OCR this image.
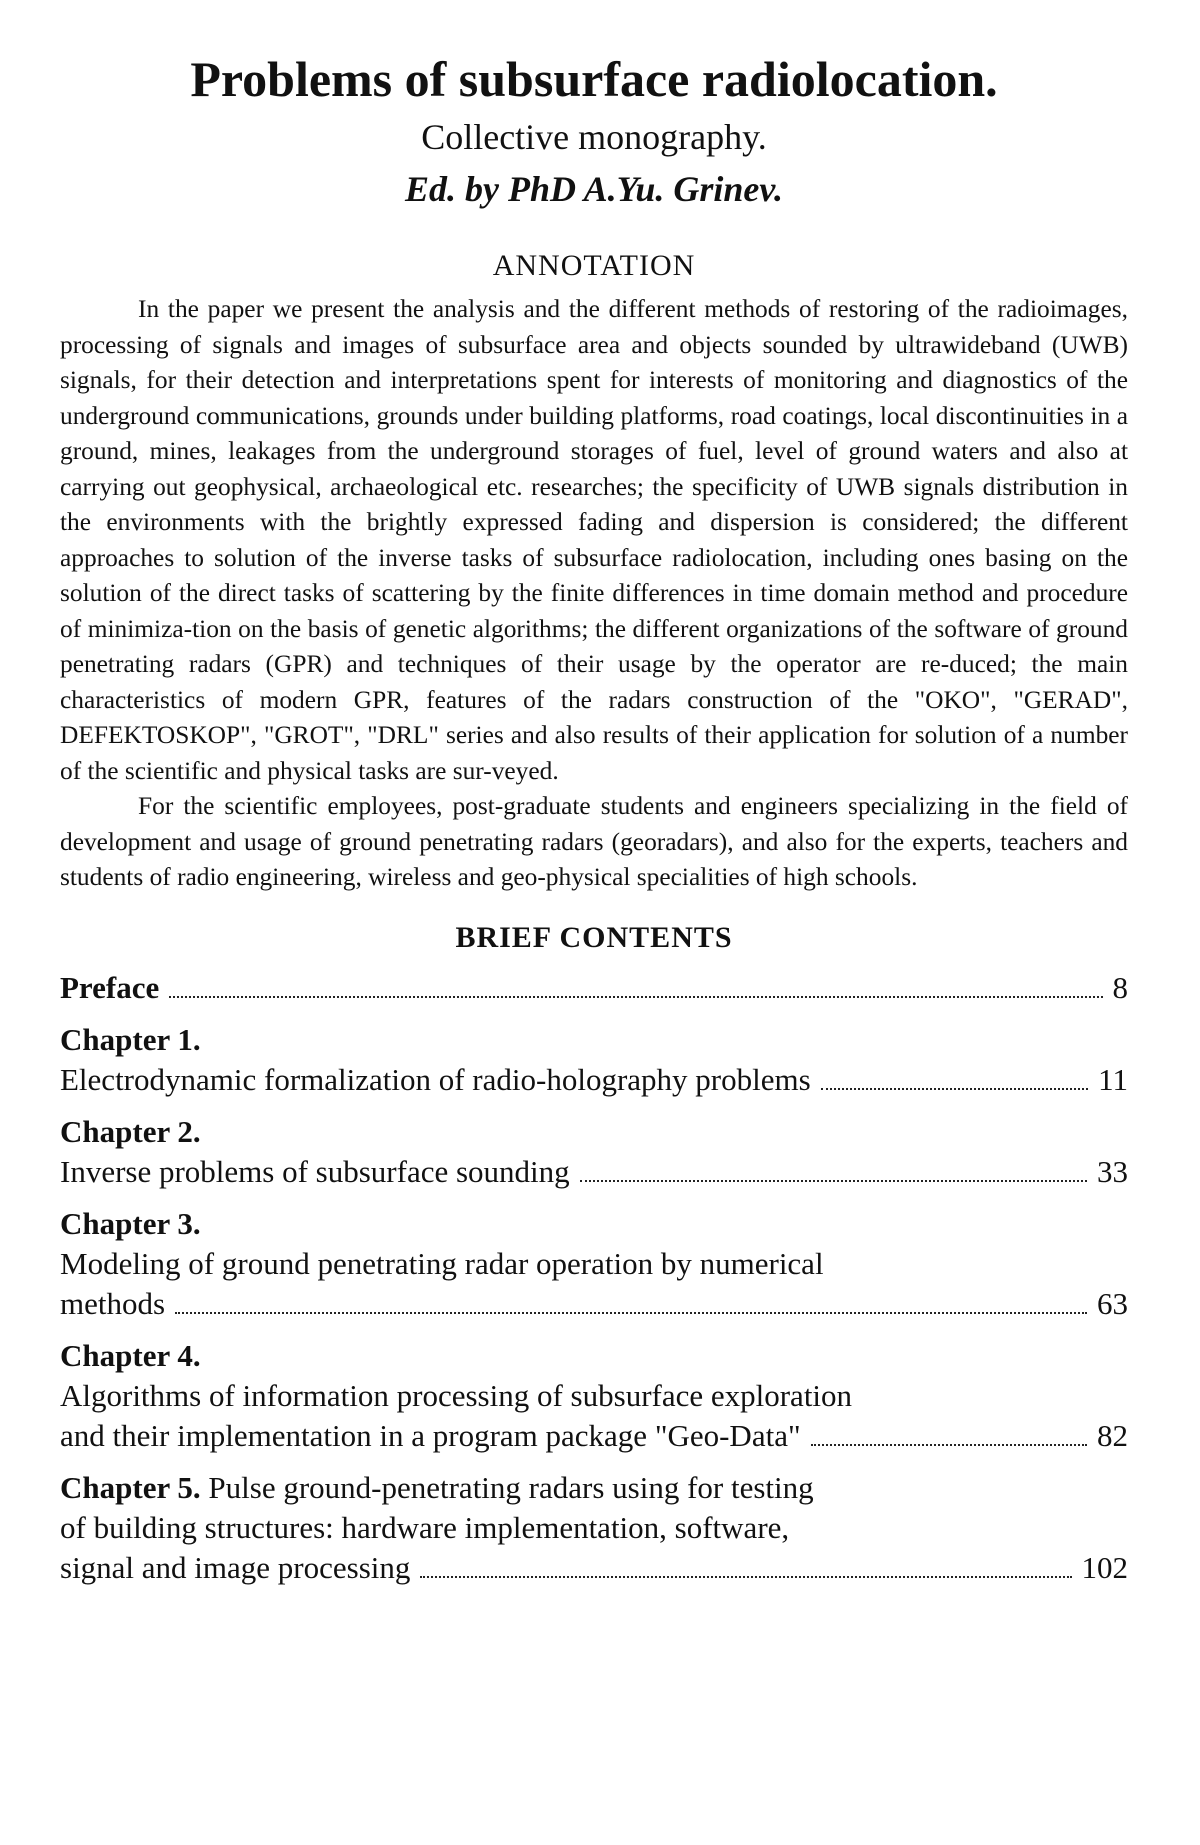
Problems of subsurface radiolocation.
Collective monography.
Ed. by PhD A.Yu. Grinev.
ANNOTATION

In the paper we present the analysis and the different methods of restoring of the radioimages, processing of signals and images of subsurface area and objects sounded by ultrawideband (UWB) signals, for their detection and interpretations spent for interests of monitoring and diagnostics of the underground communications, grounds under building platforms, road coatings, local discontinuities in a ground, mines, leakages from the underground storages of fuel, level of ground waters and also at carrying out geophysical, archaeological etc. researches; the specificity of UWB signals distribution in the environments with the brightly expressed fading and dispersion is considered; the different approaches to solution of the inverse tasks of subsurface radiolocation, including ones basing on the solution of the direct tasks of scattering by the finite differences in time domain method and procedure of minimiza-tion on the basis of genetic algorithms; the different organizations of the software of ground penetrating radars (GPR) and techniques of their usage by the operator are re-duced; the main characteristics of modern GPR, features of the radars construction of the "OKO", "GERAD", DEFEKTOSKOP", "GROT", "DRL" series and also results of their application for solution of a number of the scientific and physical tasks are sur-veyed.

For the scientific employees, post-graduate students and engineers specializing in the field of development and usage of ground penetrating radars (georadars), and also for the experts, teachers and students of radio engineering, wireless and geo-physical specialities of high schools.

BRIEF CONTENTS
Preface	8
Chapter 1.
Electrodynamic formalization of radio-holography problems	11
Chapter 2.
Inverse problems of subsurface sounding	33
Chapter 3.
Modeling of ground penetrating radar operation by numerical
methods	63
Chapter 4.
Algorithms of information processing of subsurface exploration
and their implementation in a program package "Geo-Data"	82
Chapter 5. Pulse ground-penetrating radars using for testing
of building structures: hardware implementation, software,
signal and image processing	102
